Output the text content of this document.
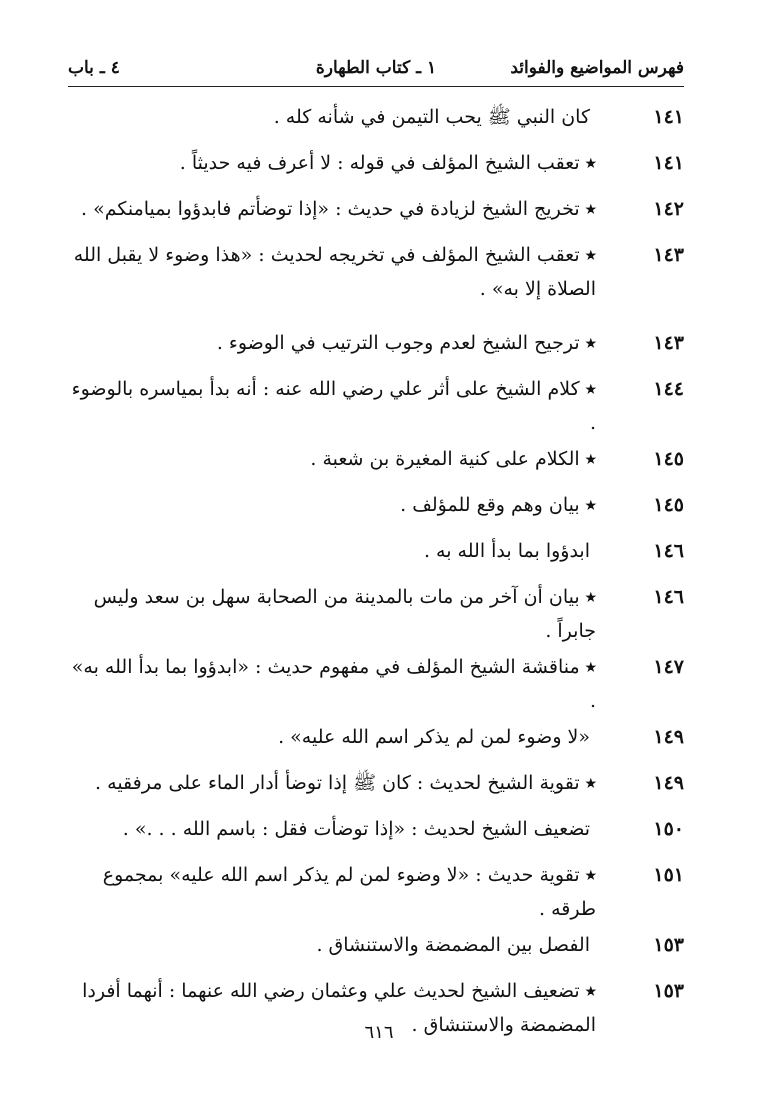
فهرس المواضيع والفوائد
١ ـ كتاب الطهارة
٤ ـ باب
١٤١
كان النبي ﷺ يحب التيمن في شأنه كله .
١٤١
٭تعقب الشيخ المؤلف في قوله : لا أعرف فيه حديثاً .
١٤٢
٭تخريج الشيخ لزيادة في حديث : «إذا توضأتم فابدؤوا بميامنكم» .
١٤٣
٭تعقب الشيخ المؤلف في تخريجه لحديث : «هذا وضوء لا يقبل الله الصلاة إلا به» .
١٤٣
٭ترجيح الشيخ لعدم وجوب الترتيب في الوضوء .
١٤٤
٭كلام الشيخ على أثر علي رضي الله عنه : أنه بدأ بمياسره بالوضوء .
١٤٥
٭الكلام على كنية المغيرة بن شعبة .
١٤٥
٭بيان وهم وقع للمؤلف .
١٤٦
ابدؤوا بما بدأ الله به .
١٤٦
٭بيان أن آخر من مات بالمدينة من الصحابة سهل بن سعد وليس جابراً .
١٤٧
٭مناقشة الشيخ المؤلف في مفهوم حديث : «ابدؤوا بما بدأ الله به» .
١٤٩
«لا وضوء لمن لم يذكر اسم الله عليه» .
١٤٩
٭تقوية الشيخ لحديث : كان ﷺ إذا توضأ أدار الماء على مرفقيه .
١٥٠
تضعيف الشيخ لحديث : «إذا توضأت فقل : باسم الله . . .» .
١٥١
٭تقوية حديث : «لا وضوء لمن لم يذكر اسم الله عليه» بمجموع طرقه .
١٥٣
الفصل بين المضمضة والاستنشاق .
١٥٣
٭تضعيف الشيخ لحديث علي وعثمان رضي الله عنهما : أنهما أفردا المضمضة والاستنشاق .
٦١٦
